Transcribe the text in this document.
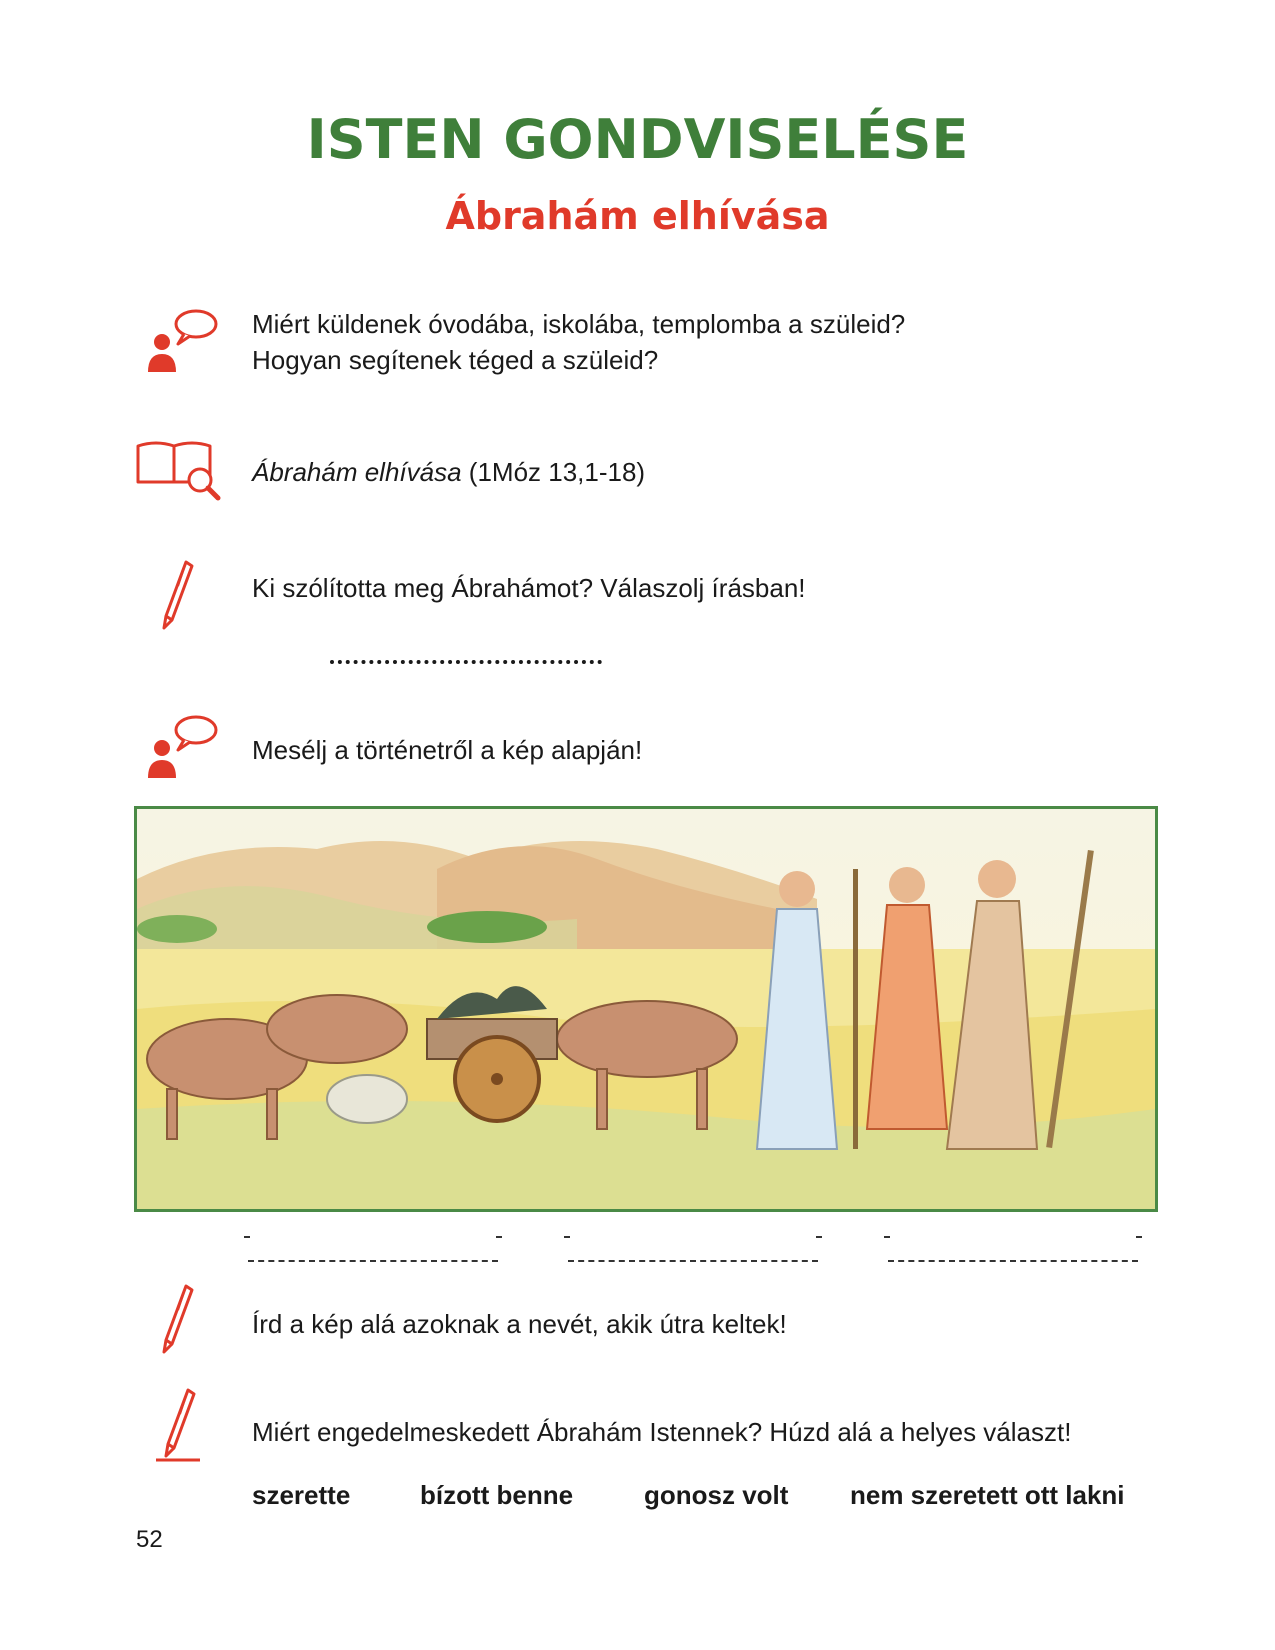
ISTEN GONDVISELÉSE
Ábrahám elhívása
Miért küldenek óvodába, iskolába, templomba a szüleid?
Hogyan segítenek téged a szüleid?
Ábrahám elhívása (1Móz 13,1-18)
Ki szólította meg Ábrahámot? Válaszolj írásban!
Mesélj a történetről a kép alapján!
Írd a kép alá azoknak a nevét, akik útra keltek!
Miért engedelmeskedett Ábrahám Istennek? Húzd alá a helyes választ!
szerette	bízott benne	gonosz volt nem szeretett ott lakni
52
